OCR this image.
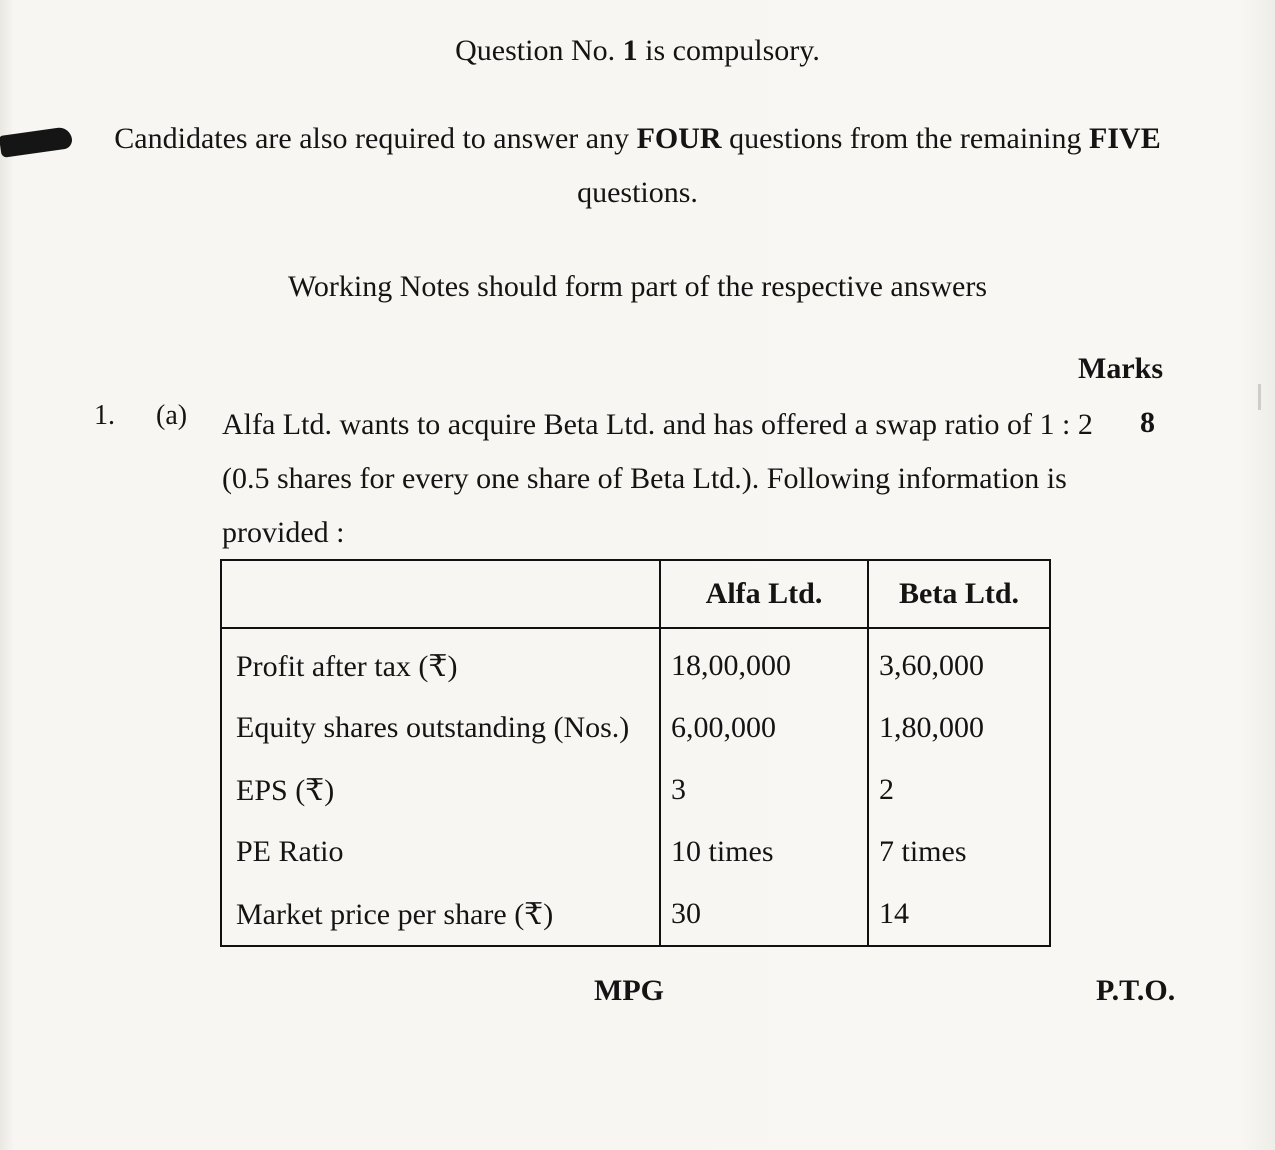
Question No. 1 is compulsory.
Candidates are also required to answer any FOUR questions from the remaining FIVE
questions.
Working Notes should form part of the respective answers
Marks
1. (a) Alfa Ltd. wants to acquire Beta Ltd. and has offered a swap ratio of 1 : 2
(0.5 shares for every one share of Beta Ltd.). Following information is
provided :
8
	Alfa Ltd.	Beta Ltd.
Profit after tax (₹)	18,00,000	3,60,000
Equity shares outstanding (Nos.)	6,00,000	1,80,000
EPS (₹)	3	2
PE Ratio	10 times	7 times
Market price per share (₹)	30	14
MPG	P.T.O.
